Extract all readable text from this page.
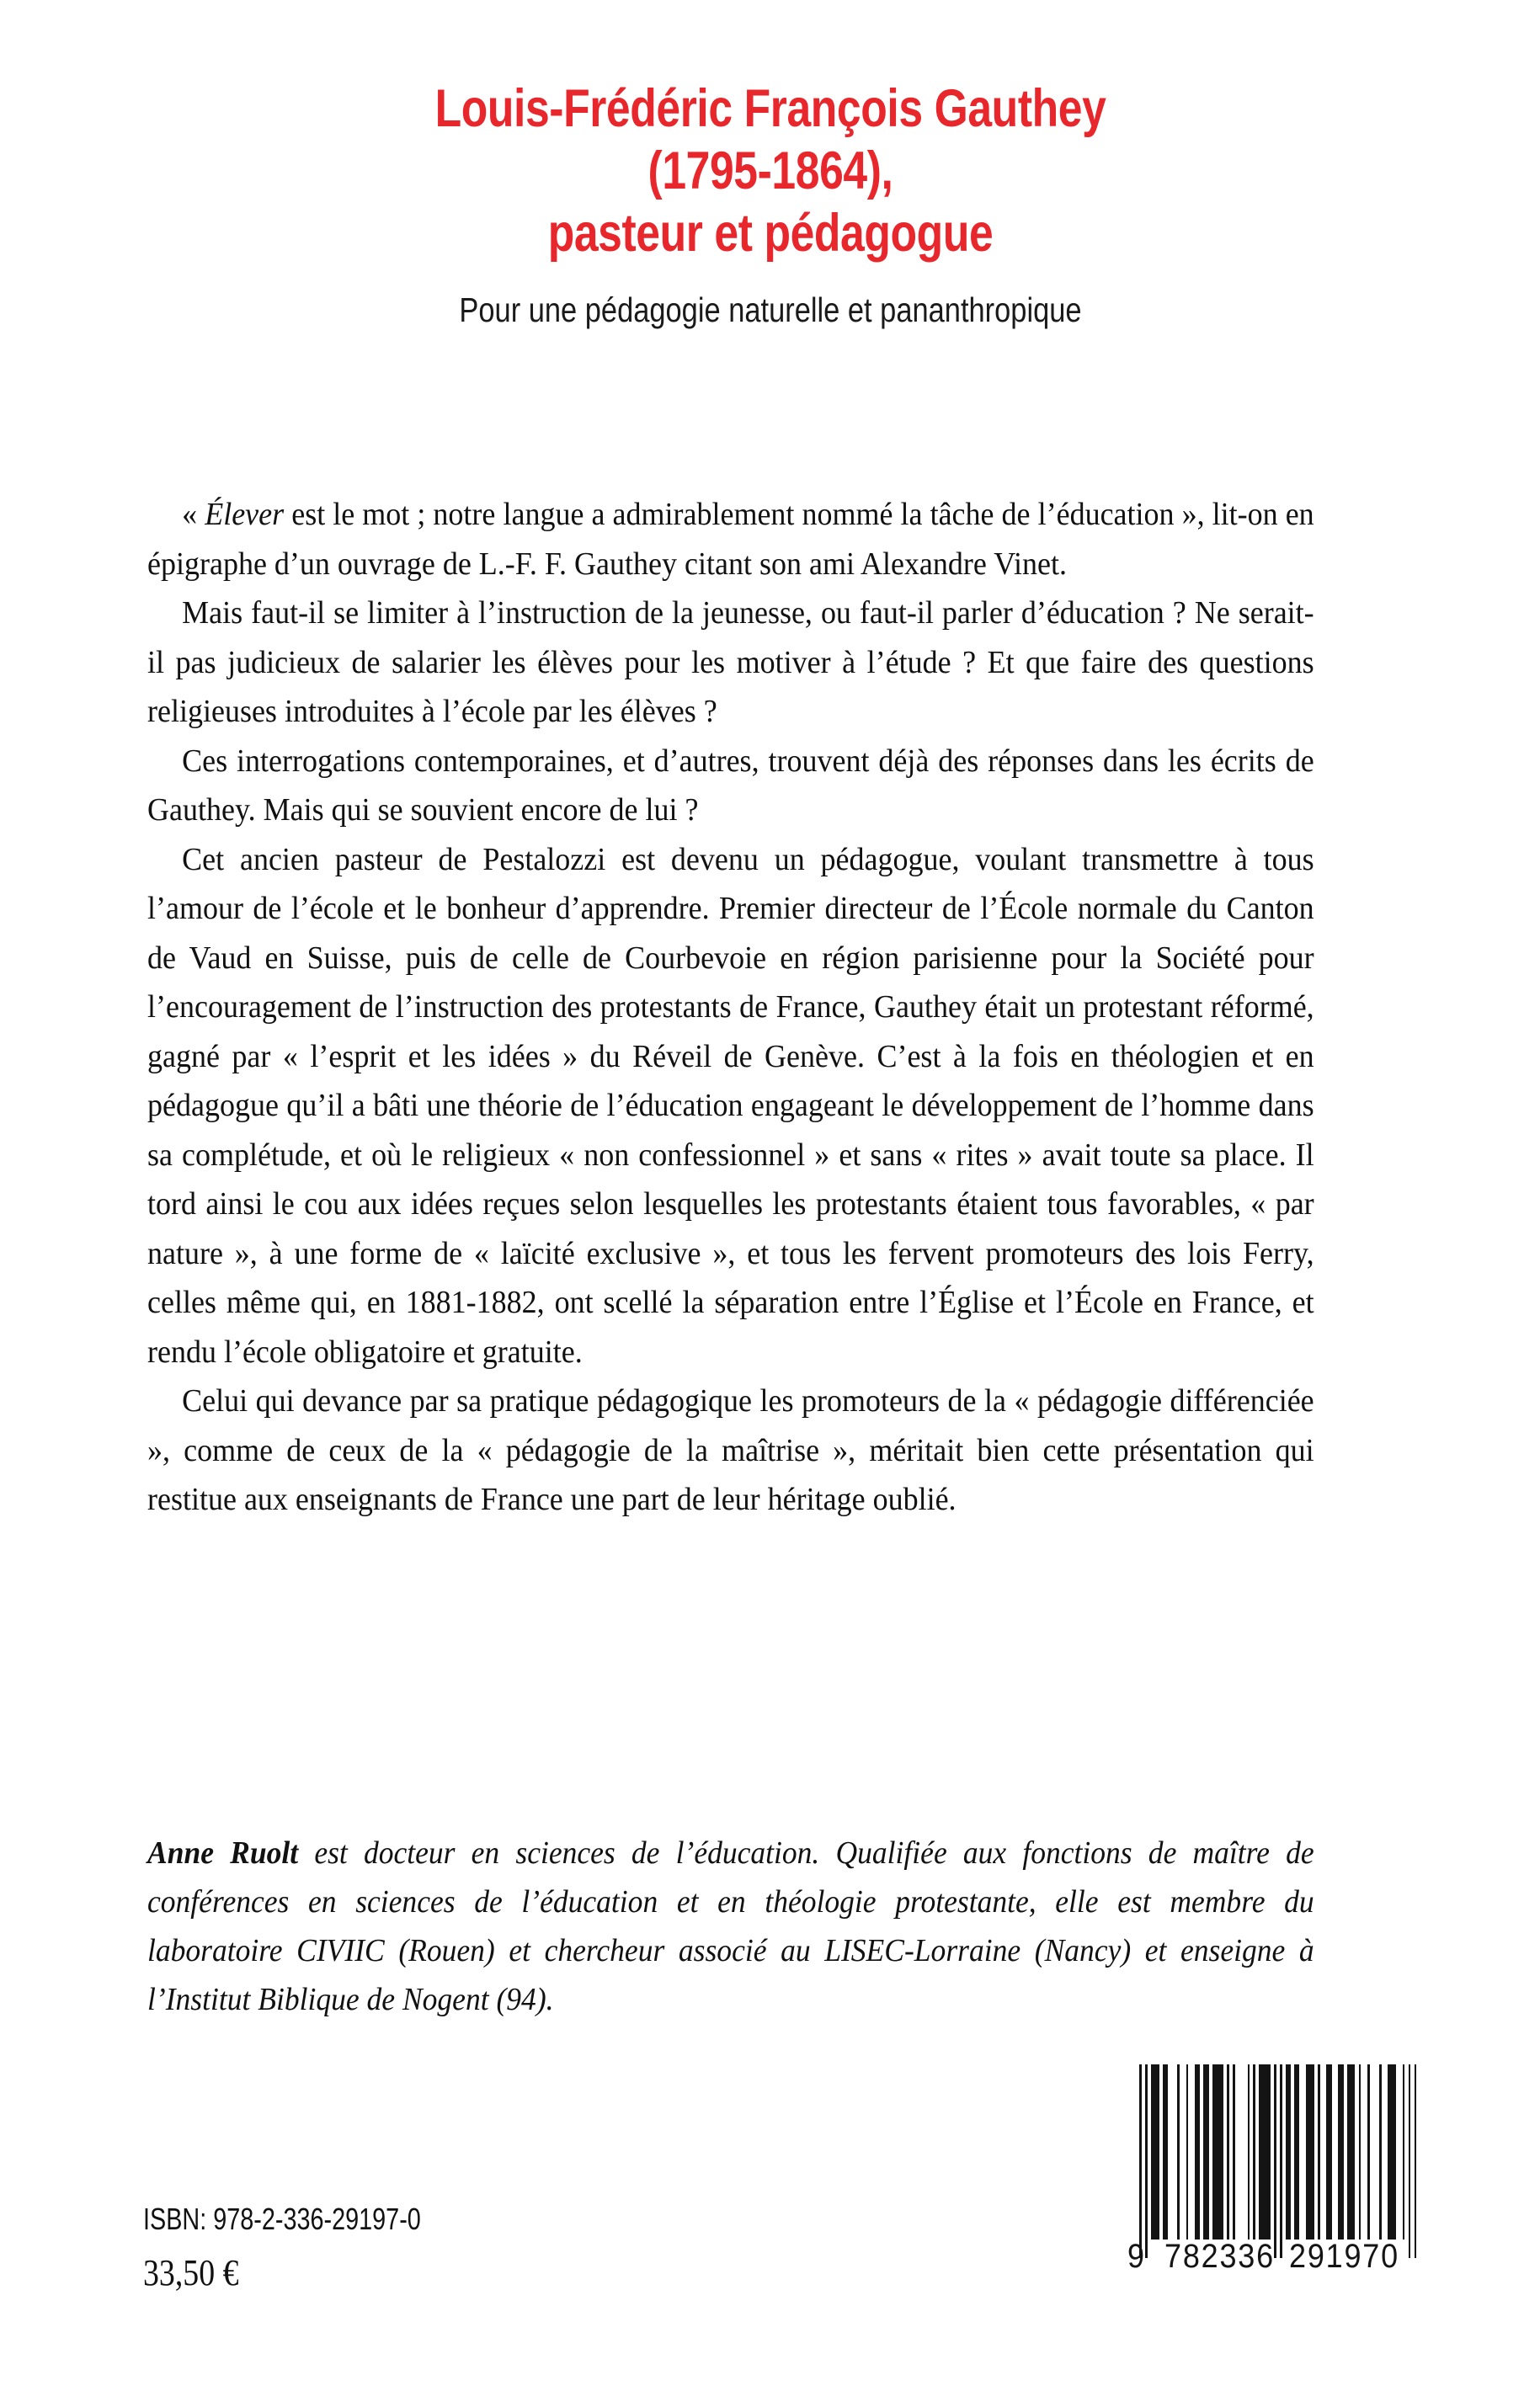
Louis-Frédéric François Gauthey
(1795-1864),
pasteur et pédagogue
Pour une pédagogie naturelle et pananthropique

« Élever est le mot ; notre langue a admirablement nommé la tâche de l’éducation », lit-on en épigraphe d’un ouvrage de L.-F. F. Gauthey citant son ami Alexandre Vinet.

Mais faut-il se limiter à l’instruction de la jeunesse, ou faut-il parler d’éducation ? Ne serait-il pas judicieux de salarier les élèves pour les motiver à l’étude ? Et que faire des questions religieuses introduites à l’école par les élèves ?

Ces interrogations contemporaines, et d’autres, trouvent déjà des réponses dans les écrits de Gauthey. Mais qui se souvient encore de lui ?

Cet ancien pasteur de Pestalozzi est devenu un pédagogue, voulant transmettre à tous l’amour de l’école et le bonheur d’apprendre. Premier directeur de l’École normale du Canton de Vaud en Suisse, puis de celle de Courbevoie en région parisienne pour la Société pour l’encouragement de l’instruction des protestants de France, Gauthey était un protestant réformé, gagné par « l’esprit et les idées » du Réveil de Genève. C’est à la fois en théologien et en pédagogue qu’il a bâti une théorie de l’éducation engageant le développement de l’homme dans sa complétude, et où le religieux « non confessionnel » et sans « rites » avait toute sa place. Il tord ainsi le cou aux idées reçues selon lesquelles les protestants étaient tous favorables, « par nature », à une forme de « laïcité exclusive », et tous les fervent promoteurs des lois Ferry, celles même qui, en 1881-1882, ont scellé la séparation entre l’Église et l’École en France, et rendu l’école obligatoire et gratuite.

Celui qui devance par sa pratique pédagogique les promoteurs de la « pédagogie différenciée », comme de ceux de la « pédagogie de la maîtrise », méritait bien cette présentation qui restitue aux enseignants de France une part de leur héritage oublié.

Anne Ruolt est docteur en sciences de l’éducation. Qualifiée aux fonctions de maître de conférences en sciences de l’éducation et en théologie protestante, elle est membre du laboratoire CIVIIC (Rouen) et chercheur associé au LISEC-Lorraine (Nancy) et enseigne à l’Institut Biblique de Nogent (94).

ISBN: 978-2-336-29197-0
33,50 €	9 782336 291970
